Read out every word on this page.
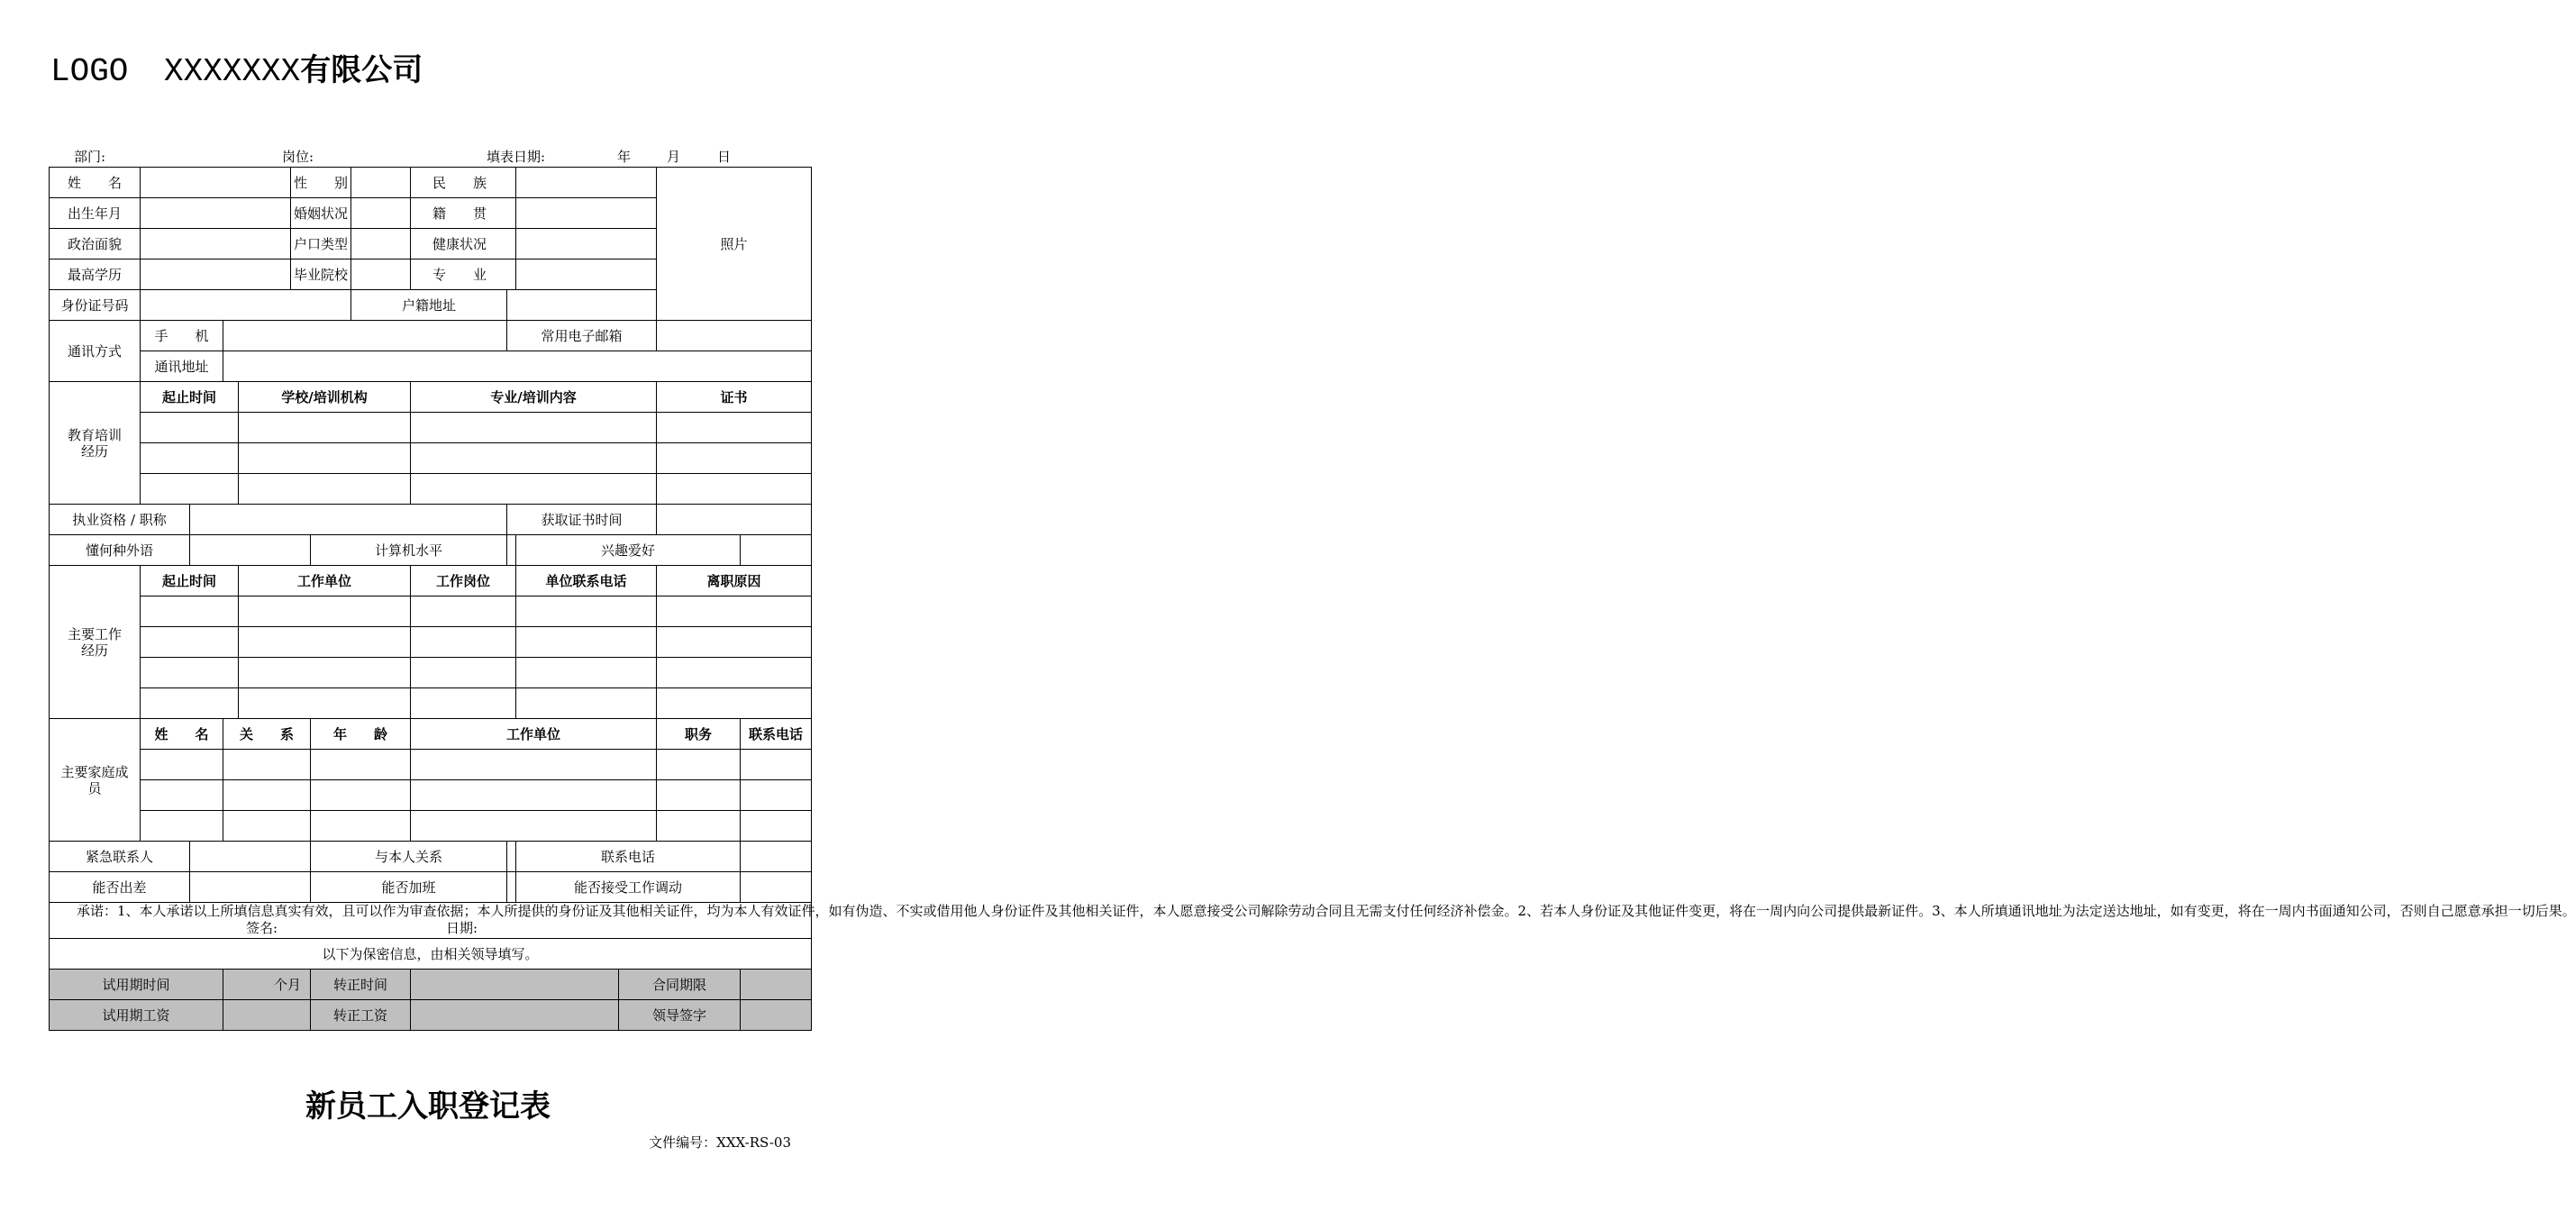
LOGO XXXXXXX有限公司
部门:	岗位:	填表日期:	年	月	日
姓　　名					性　　别			民　　族				照片	
出生年月					婚姻状况			籍　　贯					
政治面貌					户口类型			健康状况					
最高学历					毕业院校			专　　业					
身份证号码							户籍地址						
通讯方式	手　　机								常用电子邮箱				
	通讯地址												

教育培训经历	起止时间			学校/培训机构				专业/培训内容				证书	

执业资格 / 职称									获取证书时间				
懂何种外语						计算机水平				兴趣爱好			

主要工作经历	起止时间			工作单位				工作岗位		单位联系电话		离职原因	

主要家庭成员	姓　　名		关　　系			年　　龄		工作单位				职务	联系电话

紧急联系人						与本人关系				联系电话			
能否出差						能否加班				能否接受工作调动			

承诺：1、本人承诺以上所填信息真实有效，且可以作为审查依据；本人所提供的身份证及其他相关证件，均为本人有效证件，如有伪造、不实或借用他人身份证件及其他相关证件，本人愿意接受公司解除劳动合同且无需支付任何经济补偿金。2、若本人身份证及其他证件变更，将在一周内向公司提供最新证件。3、本人所填通讯地址为法定送达地址，如有变更，将在一周内书面通知公司，否则自己愿意承担一切后果。
签名: 日期:													

以下为保密信息，由相关领导填写。													
试用期时间			个月			转正时间					合同期限		
试用期工资						转正工资					领导签字		
新员工入职登记表
文件编号：XXX-RS-03
